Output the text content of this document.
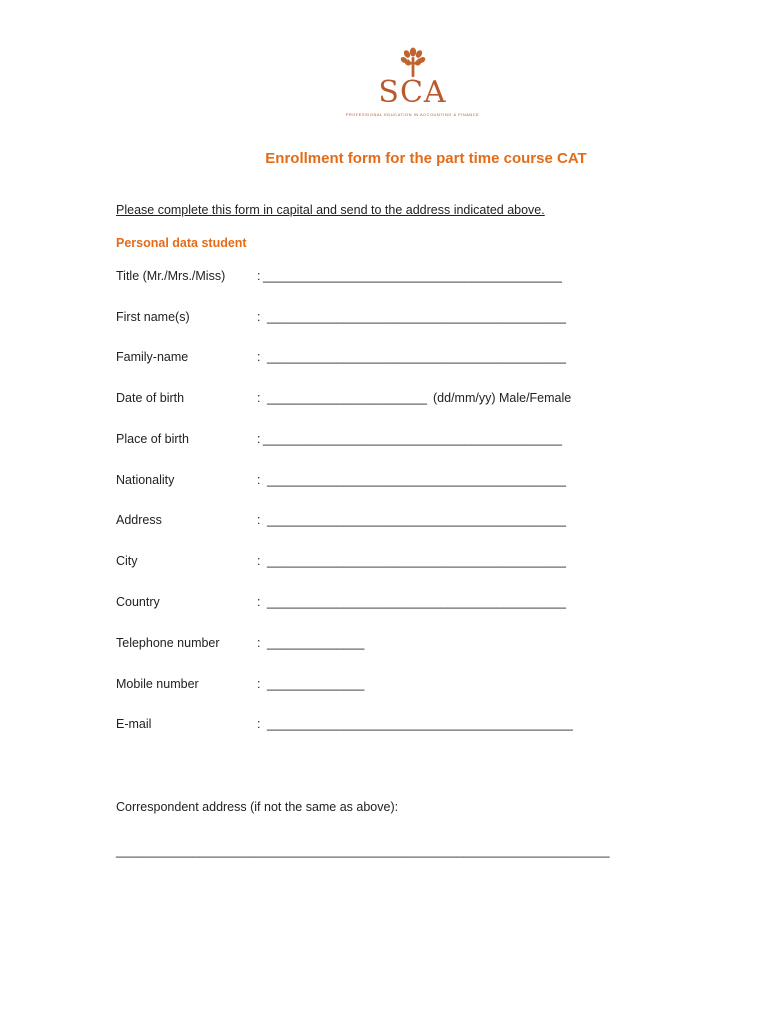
SCA
PROFESSIONAL EDUCATION IN ACCOUNTING & FINANCE
Enrollment form for the part time course CAT
Please complete this form in capital and send to the address indicated above.
Personal data student
Title (Mr./Mrs./Miss)	: ___________________________________________
First name(s)	: ___________________________________________
Family-name	: ___________________________________________
Date of birth	: _______________________ (dd/mm/yy) Male/Female
Place of birth	: ___________________________________________
Nationality	: ___________________________________________
Address	: ___________________________________________
City	: ___________________________________________
Country	: ___________________________________________
Telephone number	: ______________
Mobile number	: ______________
E-mail	: ____________________________________________
Correspondent address (if not the same as above):
_______________________________________________________________________
